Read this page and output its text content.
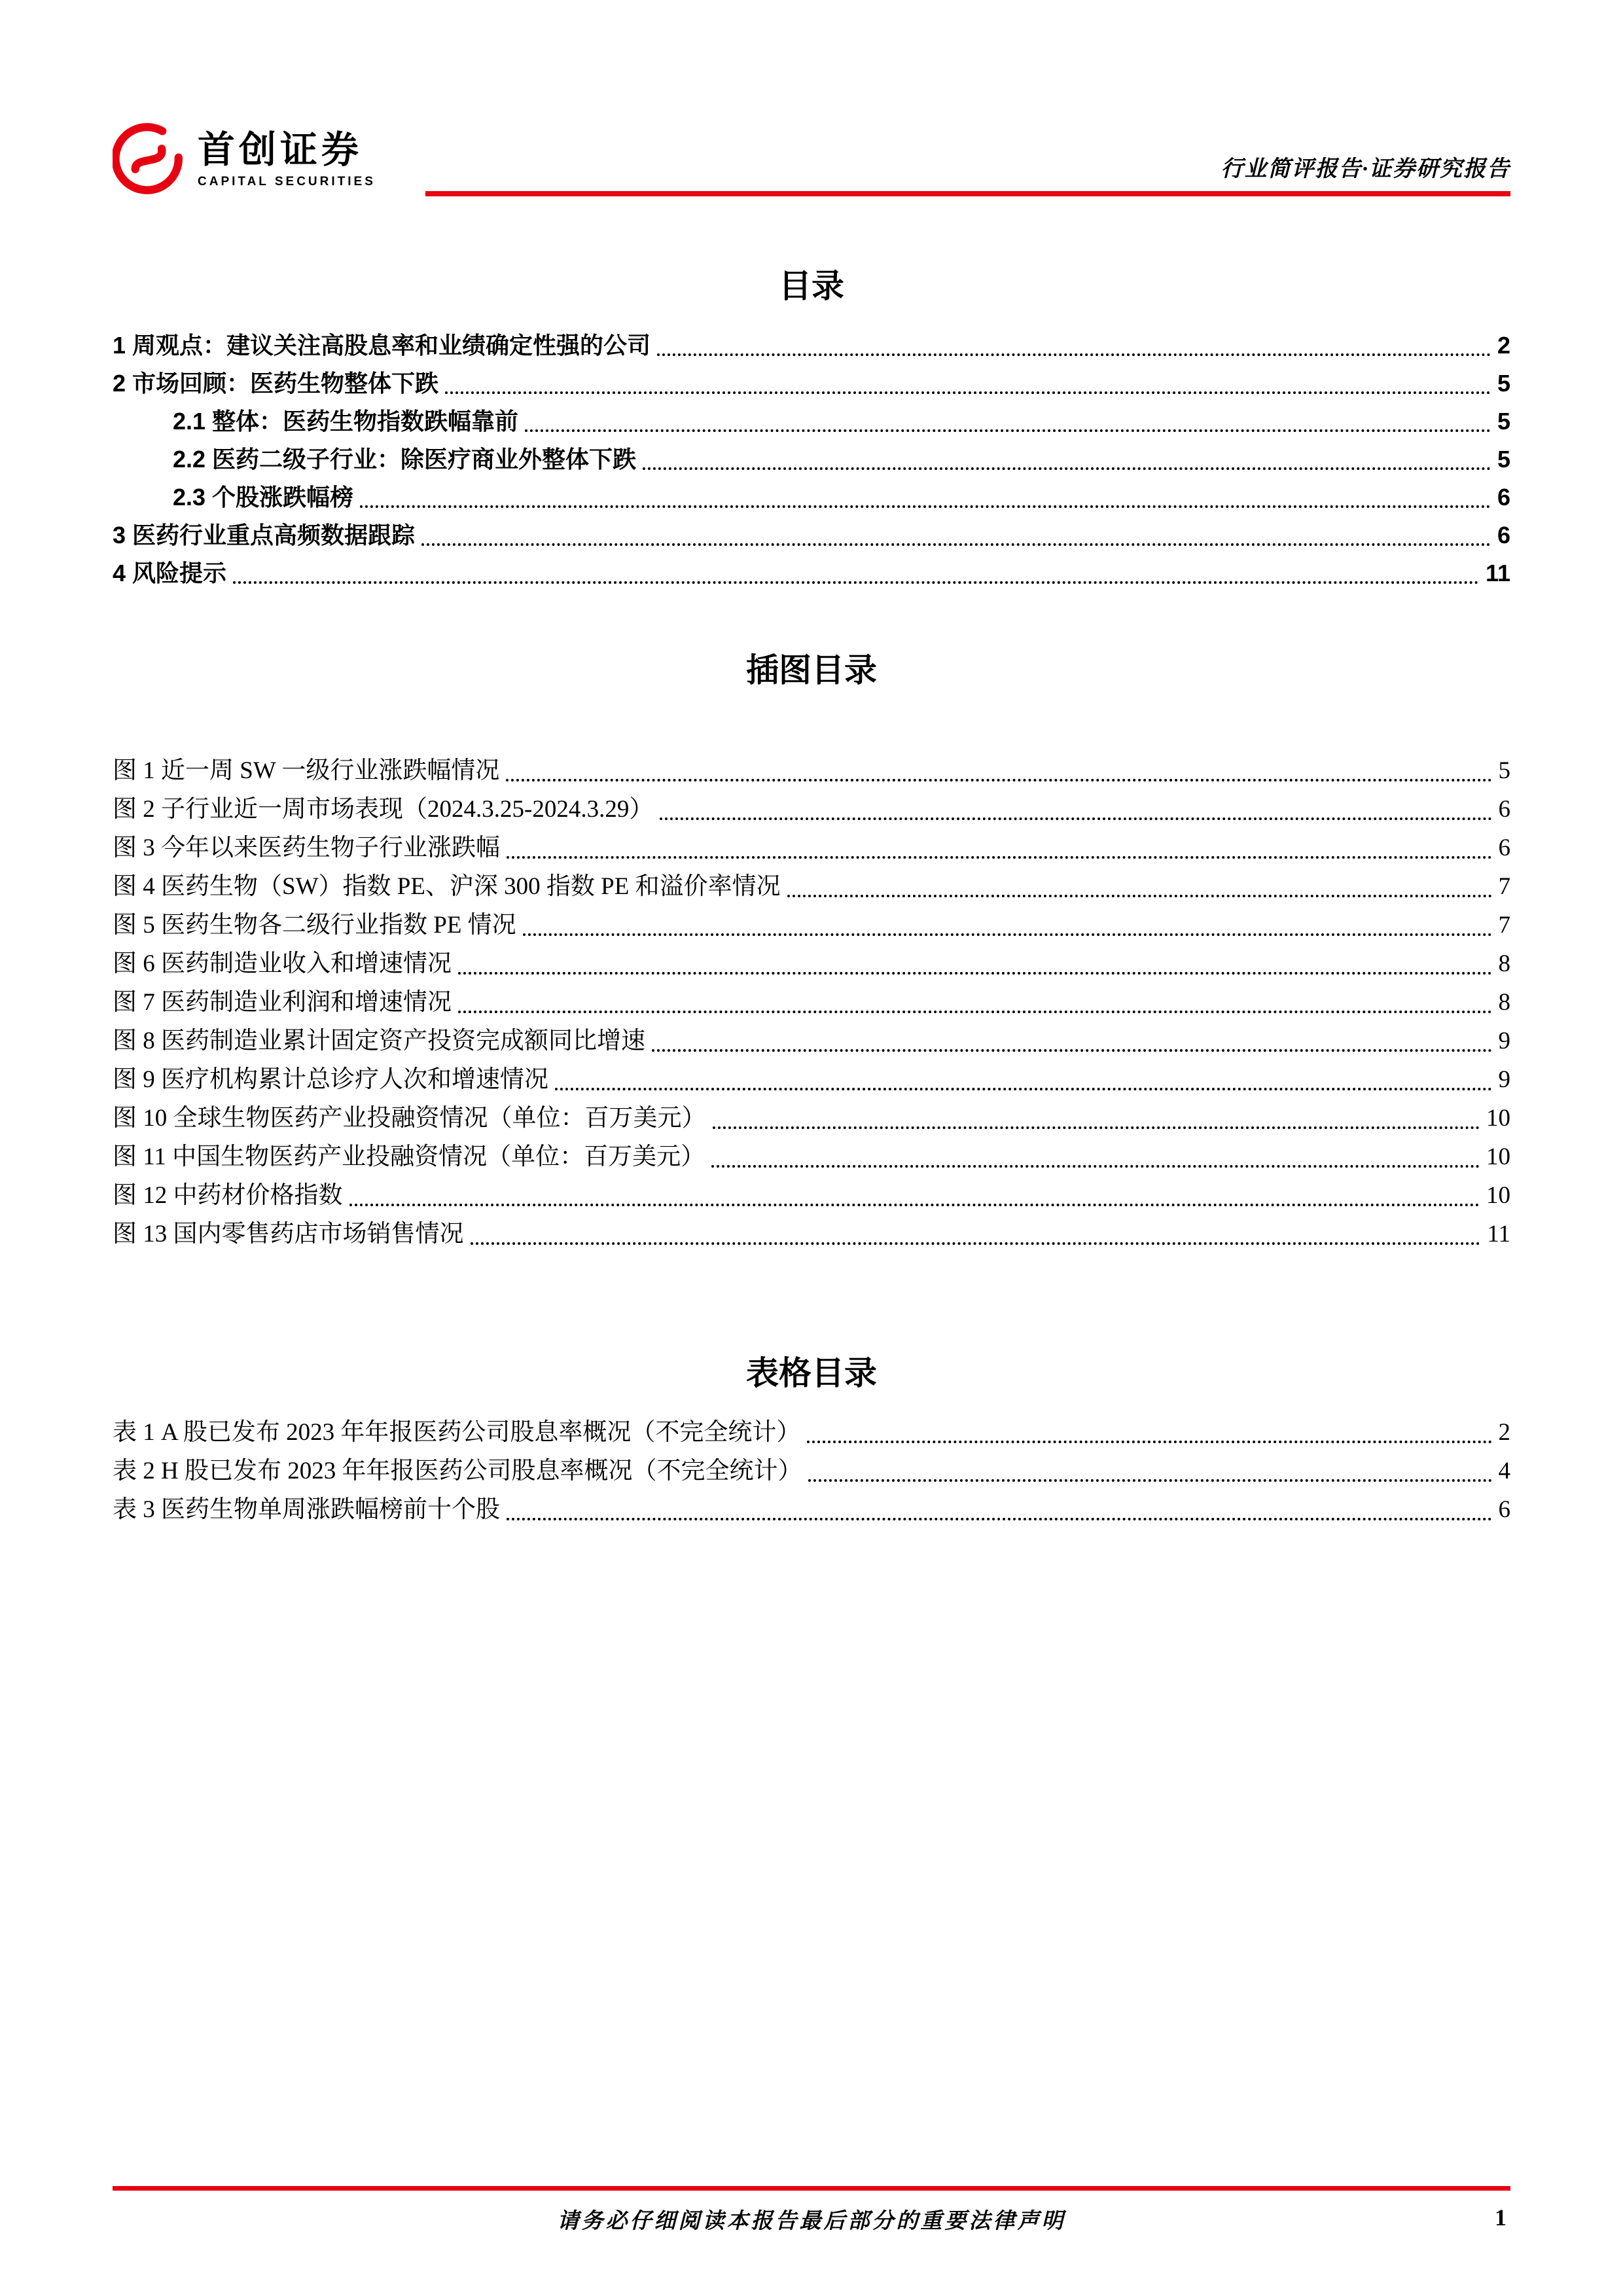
首创证券
CAPITAL SECURITIES
行业简评报告·证券研究报告
目录
1 周观点：建议关注高股息率和业绩确定性强的公司	2
2 市场回顾：医药生物整体下跌	5
2.1 整体：医药生物指数跌幅靠前	5
2.2 医药二级子行业：除医疗商业外整体下跌	5
2.3 个股涨跌幅榜	6
3 医药行业重点高频数据跟踪	6
4 风险提示	11
插图目录
图 1 近一周 SW 一级行业涨跌幅情况	5
图 2 子行业近一周市场表现（2024.3.25-2024.3.29）	6
图 3 今年以来医药生物子行业涨跌幅	6
图 4 医药生物（SW）指数 PE、沪深 300 指数 PE 和溢价率情况	7
图 5 医药生物各二级行业指数 PE 情况	7
图 6 医药制造业收入和增速情况	8
图 7 医药制造业利润和增速情况	8
图 8 医药制造业累计固定资产投资完成额同比增速	9
图 9 医疗机构累计总诊疗人次和增速情况	9
图 10 全球生物医药产业投融资情况（单位：百万美元）	10
图 11 中国生物医药产业投融资情况（单位：百万美元）	10
图 12 中药材价格指数	10
图 13 国内零售药店市场销售情况	11
表格目录
表 1 A 股已发布 2023 年年报医药公司股息率概况（不完全统计）	2
表 2 H 股已发布 2023 年年报医药公司股息率概况（不完全统计）	4
表 3 医药生物单周涨跌幅榜前十个股	6
请务必仔细阅读本报告最后部分的重要法律声明	1
